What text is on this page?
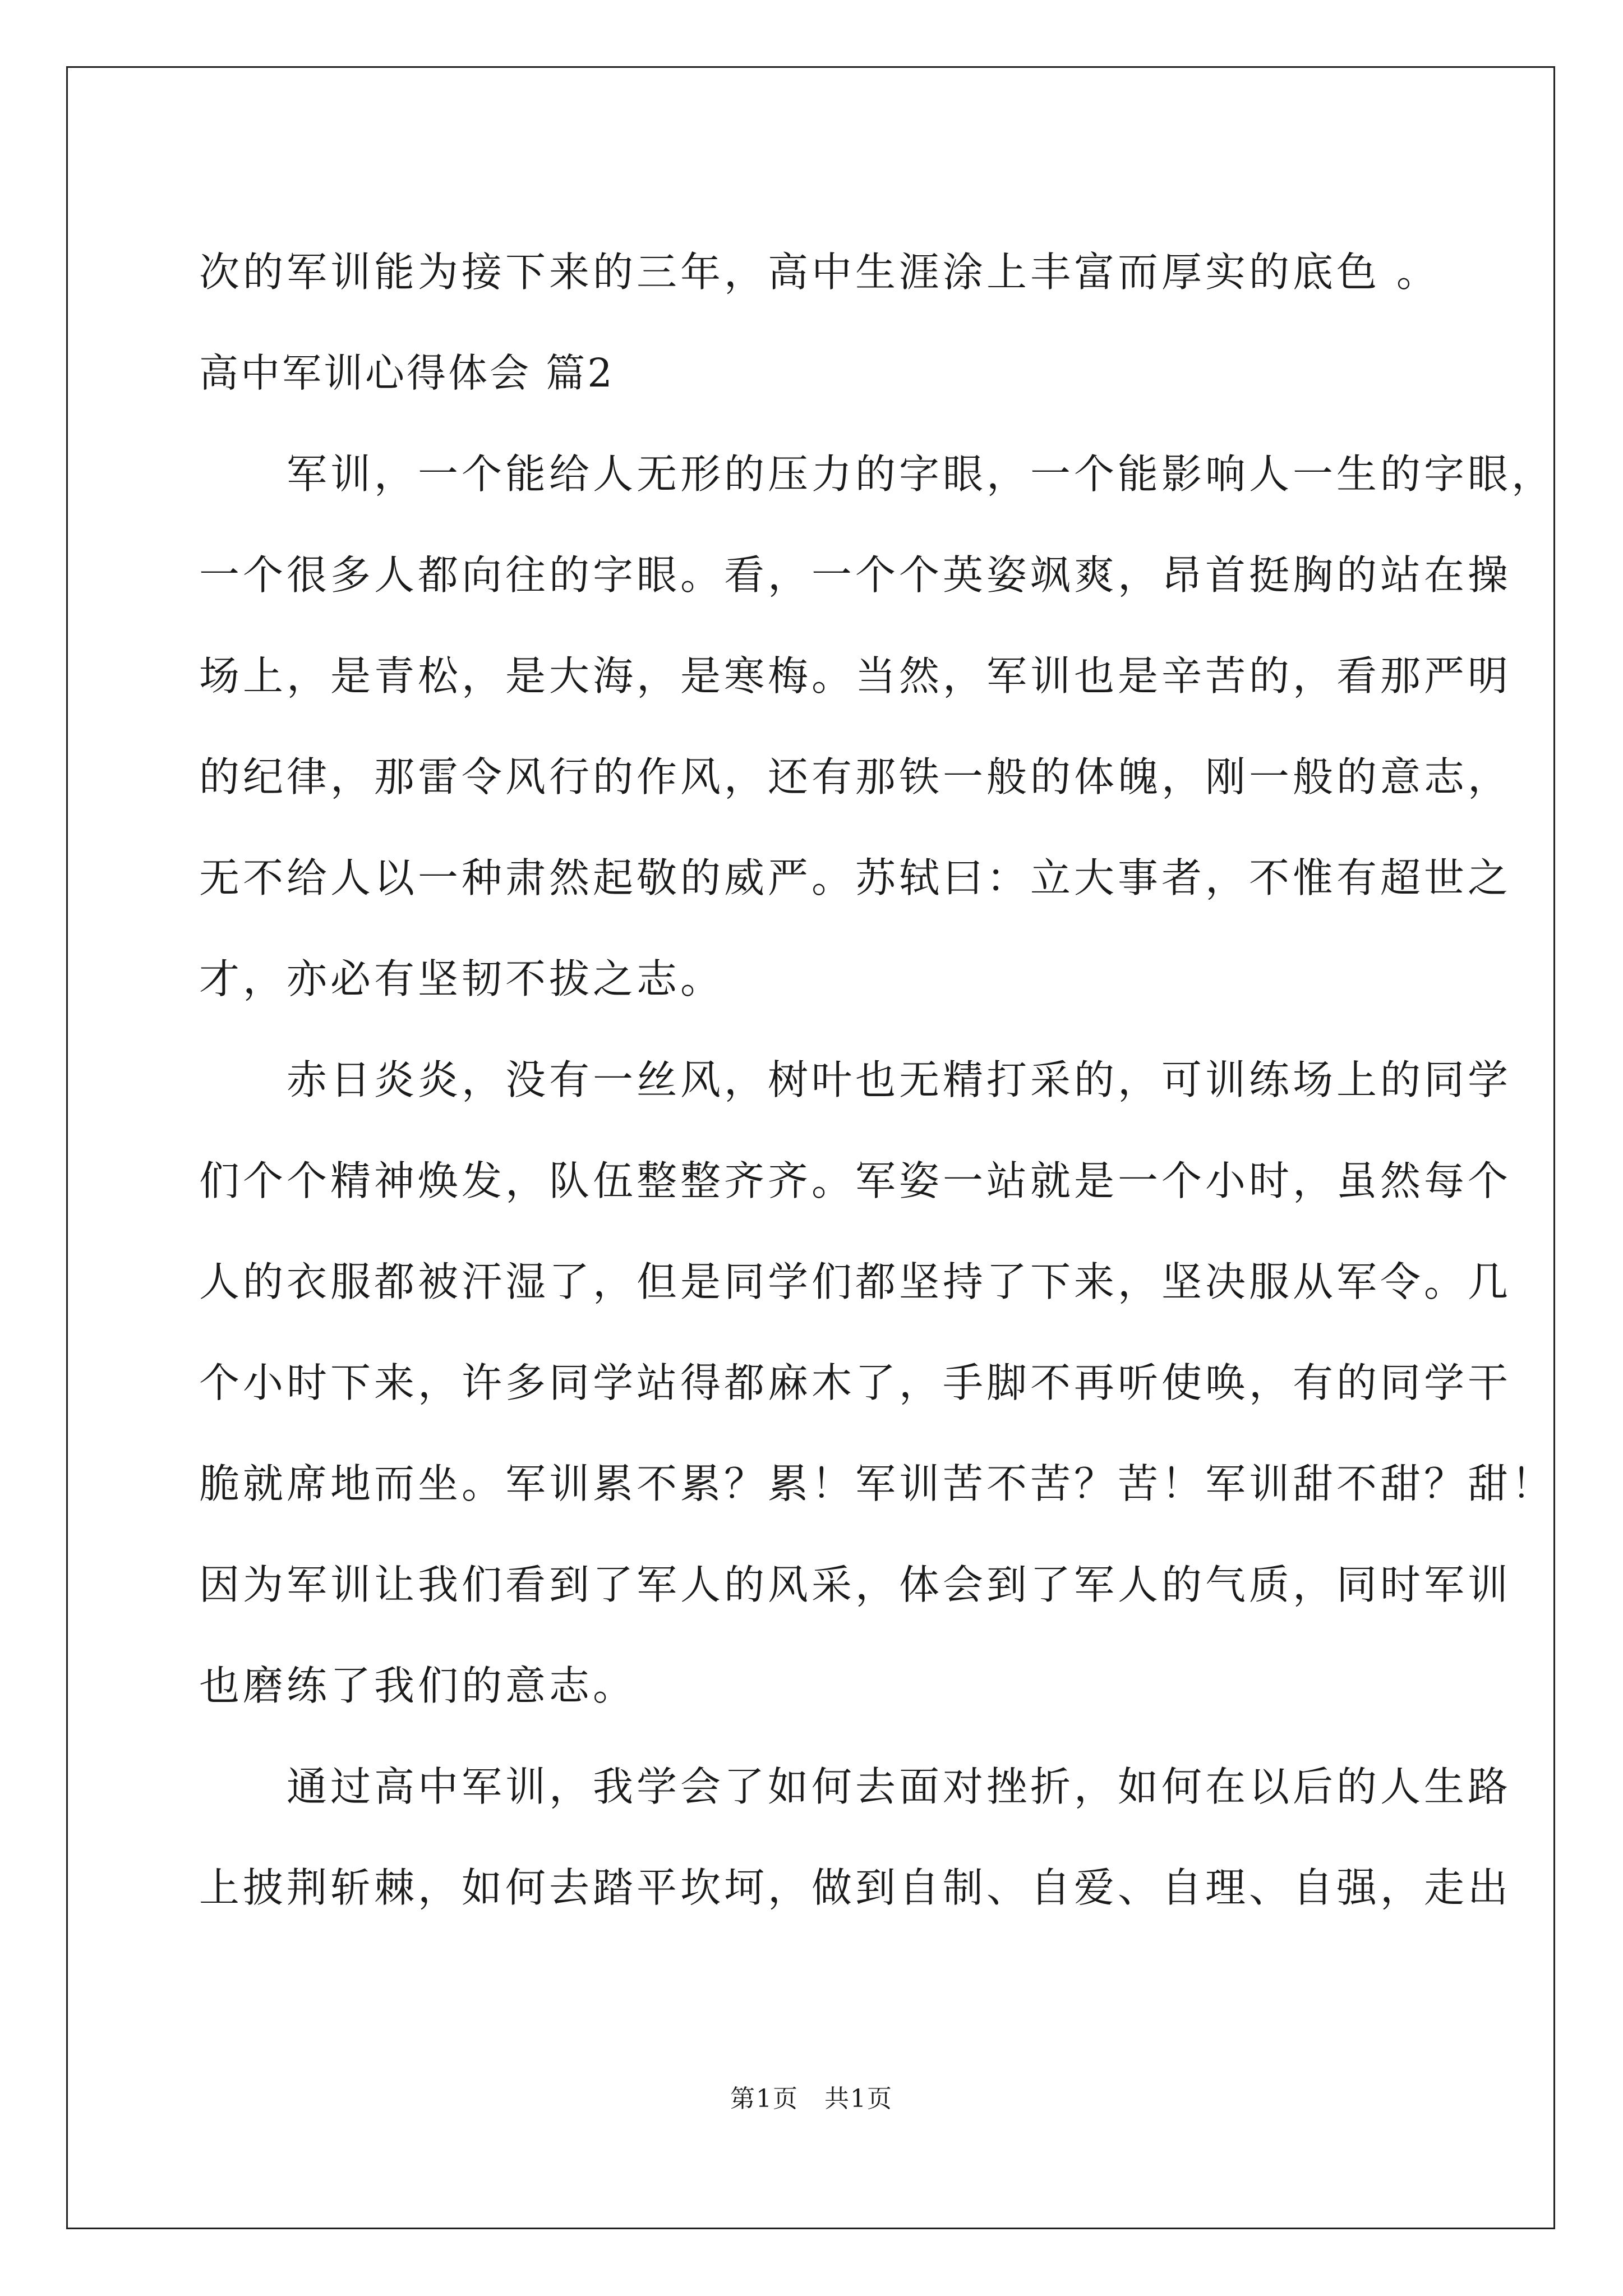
次的军训能为接下来的三年，高中生涯涂上丰富而厚实的底色 。
高中军训心得体会 篇2
　　军训，一个能给人无形的压力的字眼，一个能影响人一生的字眼，
一个很多人都向往的字眼。看，一个个英姿飒爽，昂首挺胸的站在操
场上，是青松，是大海，是寒梅。当然，军训也是辛苦的，看那严明
的纪律，那雷令风行的作风，还有那铁一般的体魄，刚一般的意志，
无不给人以一种肃然起敬的威严。苏轼曰：立大事者，不惟有超世之
才，亦必有坚韧不拔之志。
　　赤日炎炎，没有一丝风，树叶也无精打采的，可训练场上的同学
们个个精神焕发，队伍整整齐齐。军姿一站就是一个小时，虽然每个
人的衣服都被汗湿了，但是同学们都坚持了下来，坚决服从军令。几
个小时下来，许多同学站得都麻木了，手脚不再听使唤，有的同学干
脆就席地而坐。军训累不累？累！军训苦不苦？苦！军训甜不甜？甜！
因为军训让我们看到了军人的风采，体会到了军人的气质，同时军训
也磨练了我们的意志。
　　通过高中军训，我学会了如何去面对挫折，如何在以后的人生路
上披荆斩棘，如何去踏平坎坷，做到自制、自爱、自理、自强，走出
第1页　共1页
